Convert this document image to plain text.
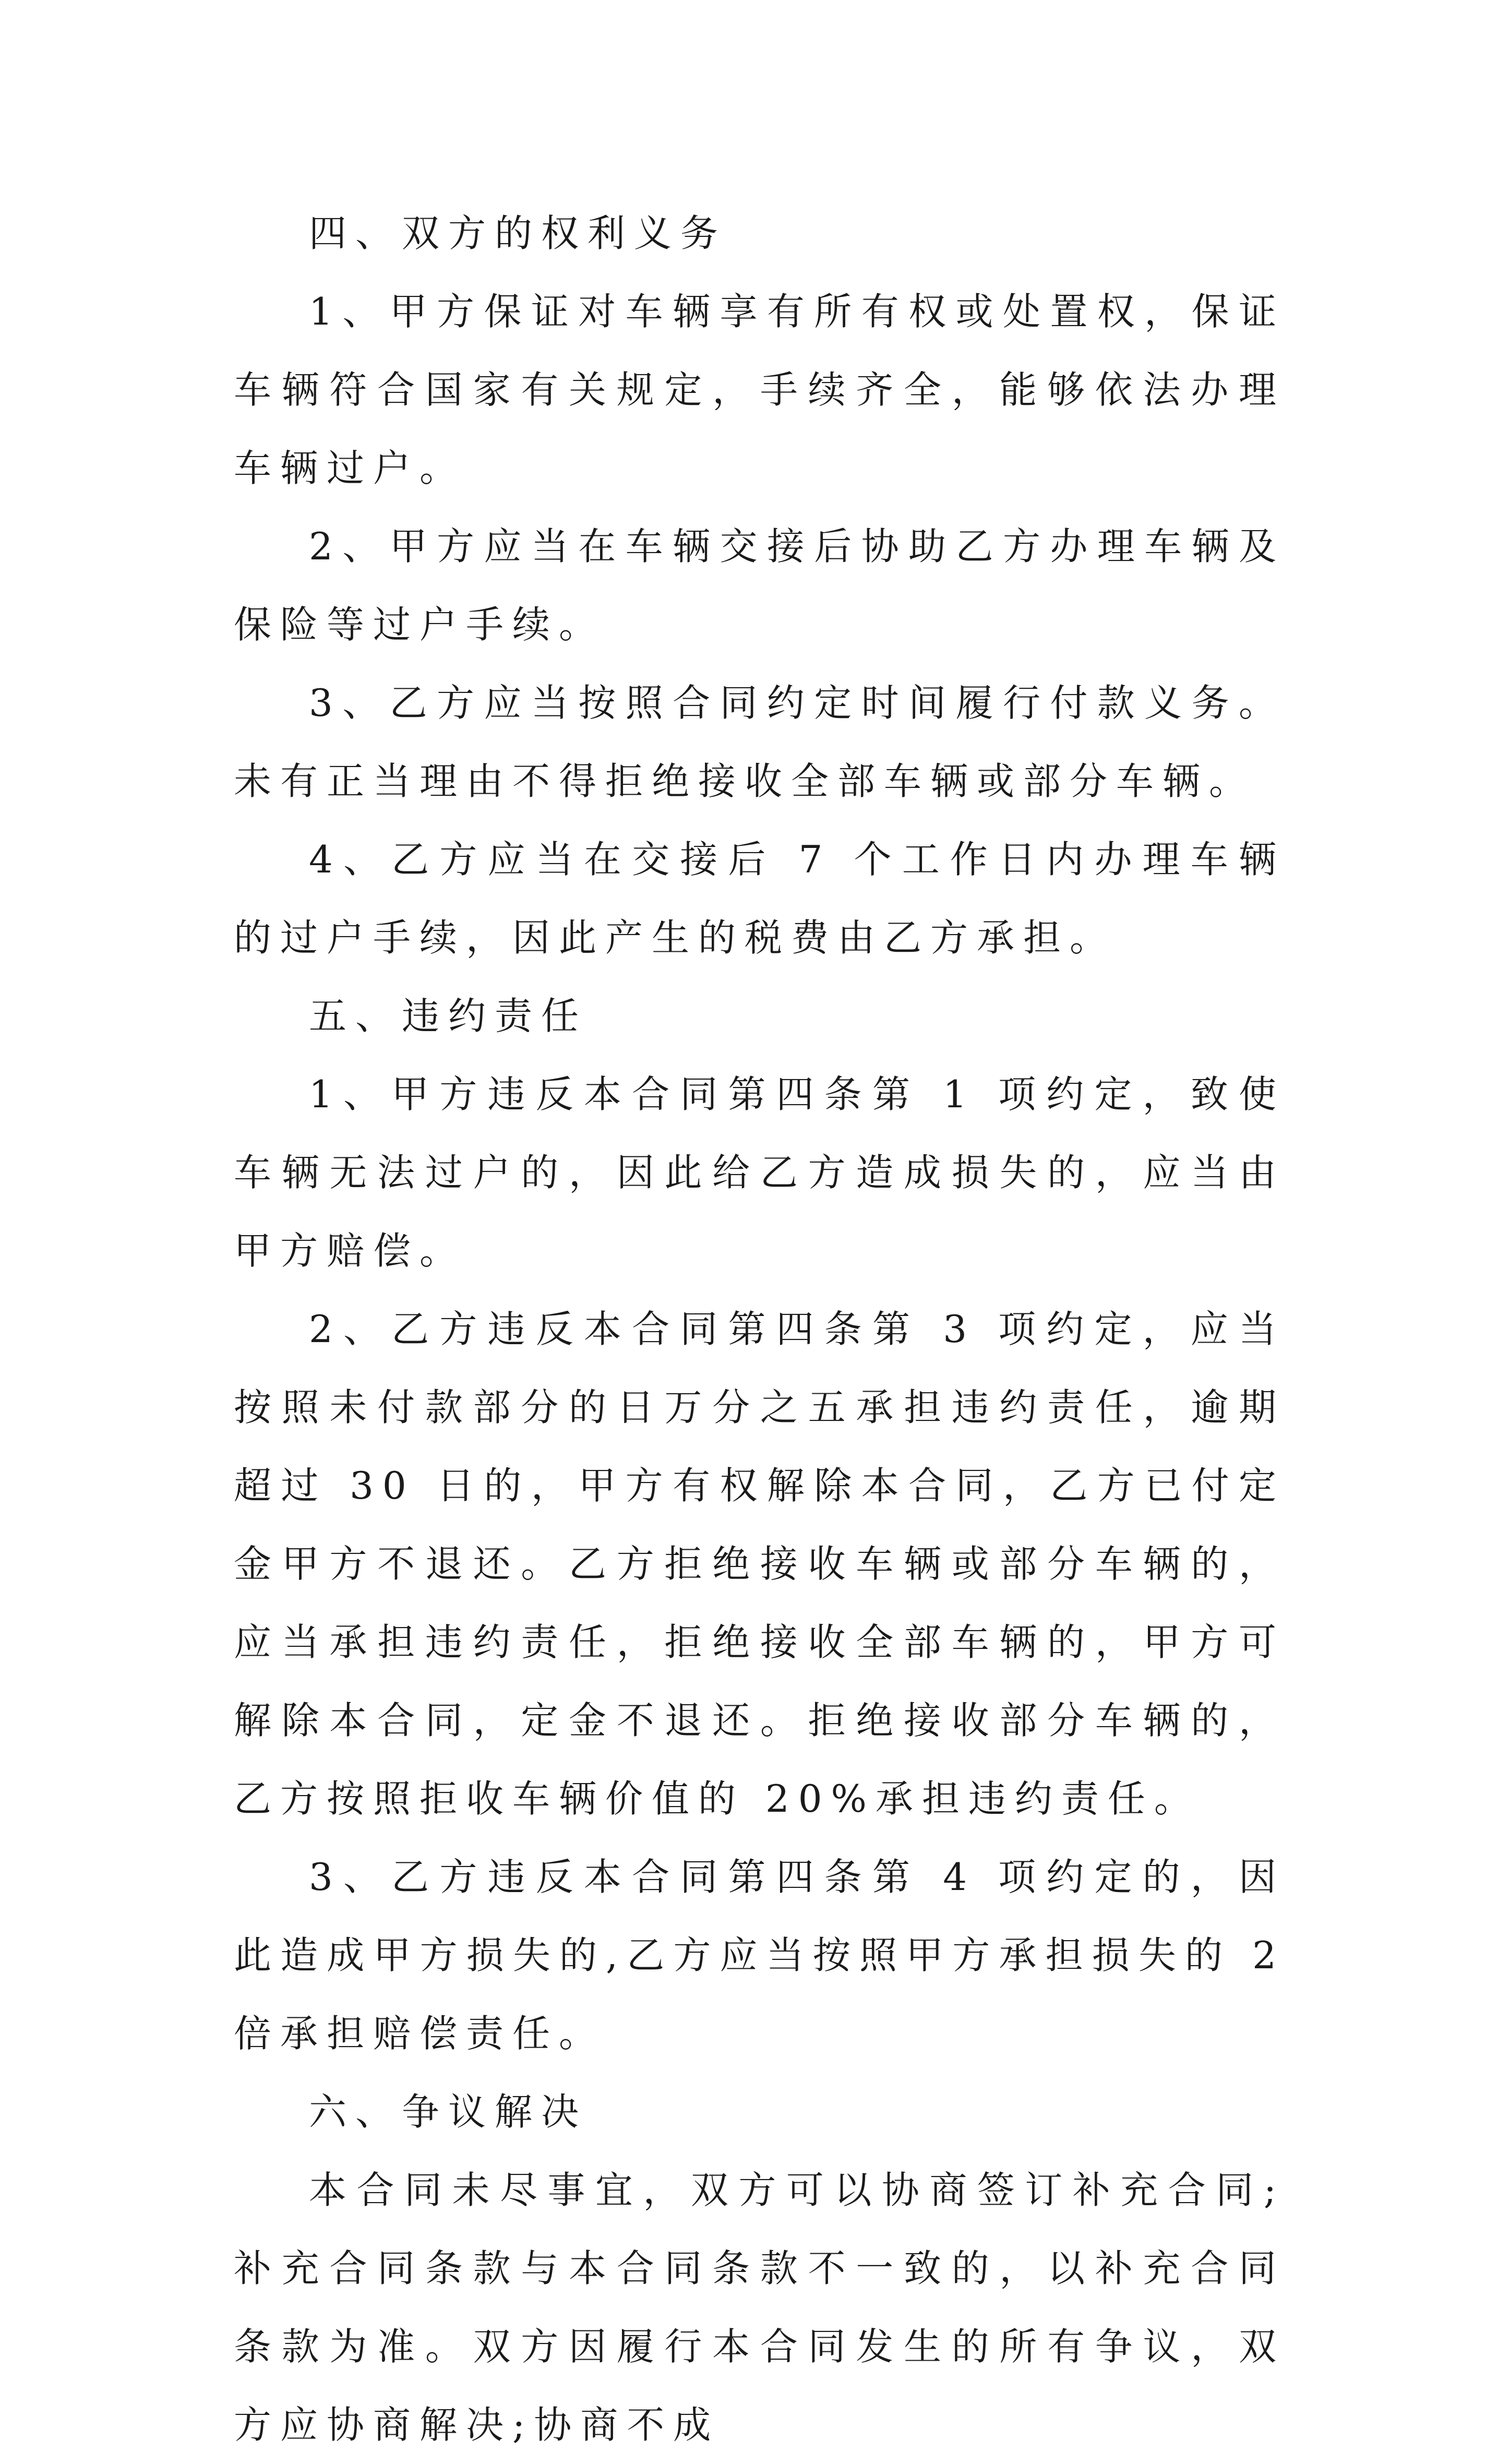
四、双方的权利义务

1、甲方保证对车辆享有所有权或处置权，保证车辆符合国家有关规定，手续齐全，能够依法办理车辆过户。

2、甲方应当在车辆交接后协助乙方办理车辆及保险等过户手续。

3、乙方应当按照合同约定时间履行付款义务。未有正当理由不得拒绝接收全部车辆或部分车辆。

4、乙方应当在交接后 7 个工作日内办理车辆的过户手续，因此产生的税费由乙方承担。

五、违约责任

1、甲方违反本合同第四条第 1 项约定，致使车辆无法过户的，因此给乙方造成损失的，应当由甲方赔偿。

2、乙方违反本合同第四条第 3 项约定，应当按照未付款部分的日万分之五承担违约责任，逾期超过 30 日的，甲方有权解除本合同，乙方已付定金甲方不退还。乙方拒绝接收车辆或部分车辆的，应当承担违约责任，拒绝接收全部车辆的，甲方可解除本合同，定金不退还。拒绝接收部分车辆的，乙方按照拒收车辆价值的 20%承担违约责任。

3、乙方违反本合同第四条第 4 项约定的，因此造成甲方损失的,乙方应当按照甲方承担损失的 2 倍承担赔偿责任。

六、争议解决

本合同未尽事宜，双方可以协商签订补充合同;补充合同条款与本合同条款不一致的，以补充合同条款为准。双方因履行本合同发生的所有争议，双方应协商解决;协商不成
